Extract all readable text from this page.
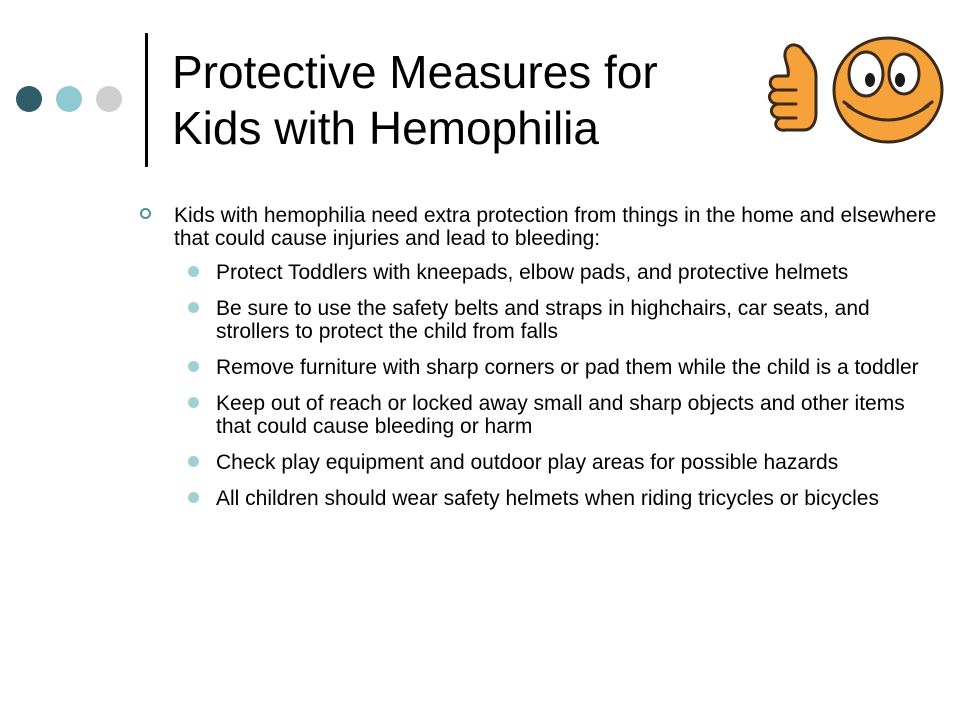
Protective Measures for
Kids with Hemophilia
Kids with hemophilia need extra protection from things in the home and elsewhere that could cause injuries and lead to bleeding:
Protect Toddlers with kneepads, elbow pads, and protective helmets
Be sure to use the safety belts and straps in highchairs, car seats, and strollers to protect the child from falls
Remove furniture with sharp corners or pad them while the child is a toddler
Keep out of reach or locked away small and sharp objects and other items that could cause bleeding or harm
Check play equipment and outdoor play areas for possible hazards
All children should wear safety helmets when riding tricycles or bicycles
